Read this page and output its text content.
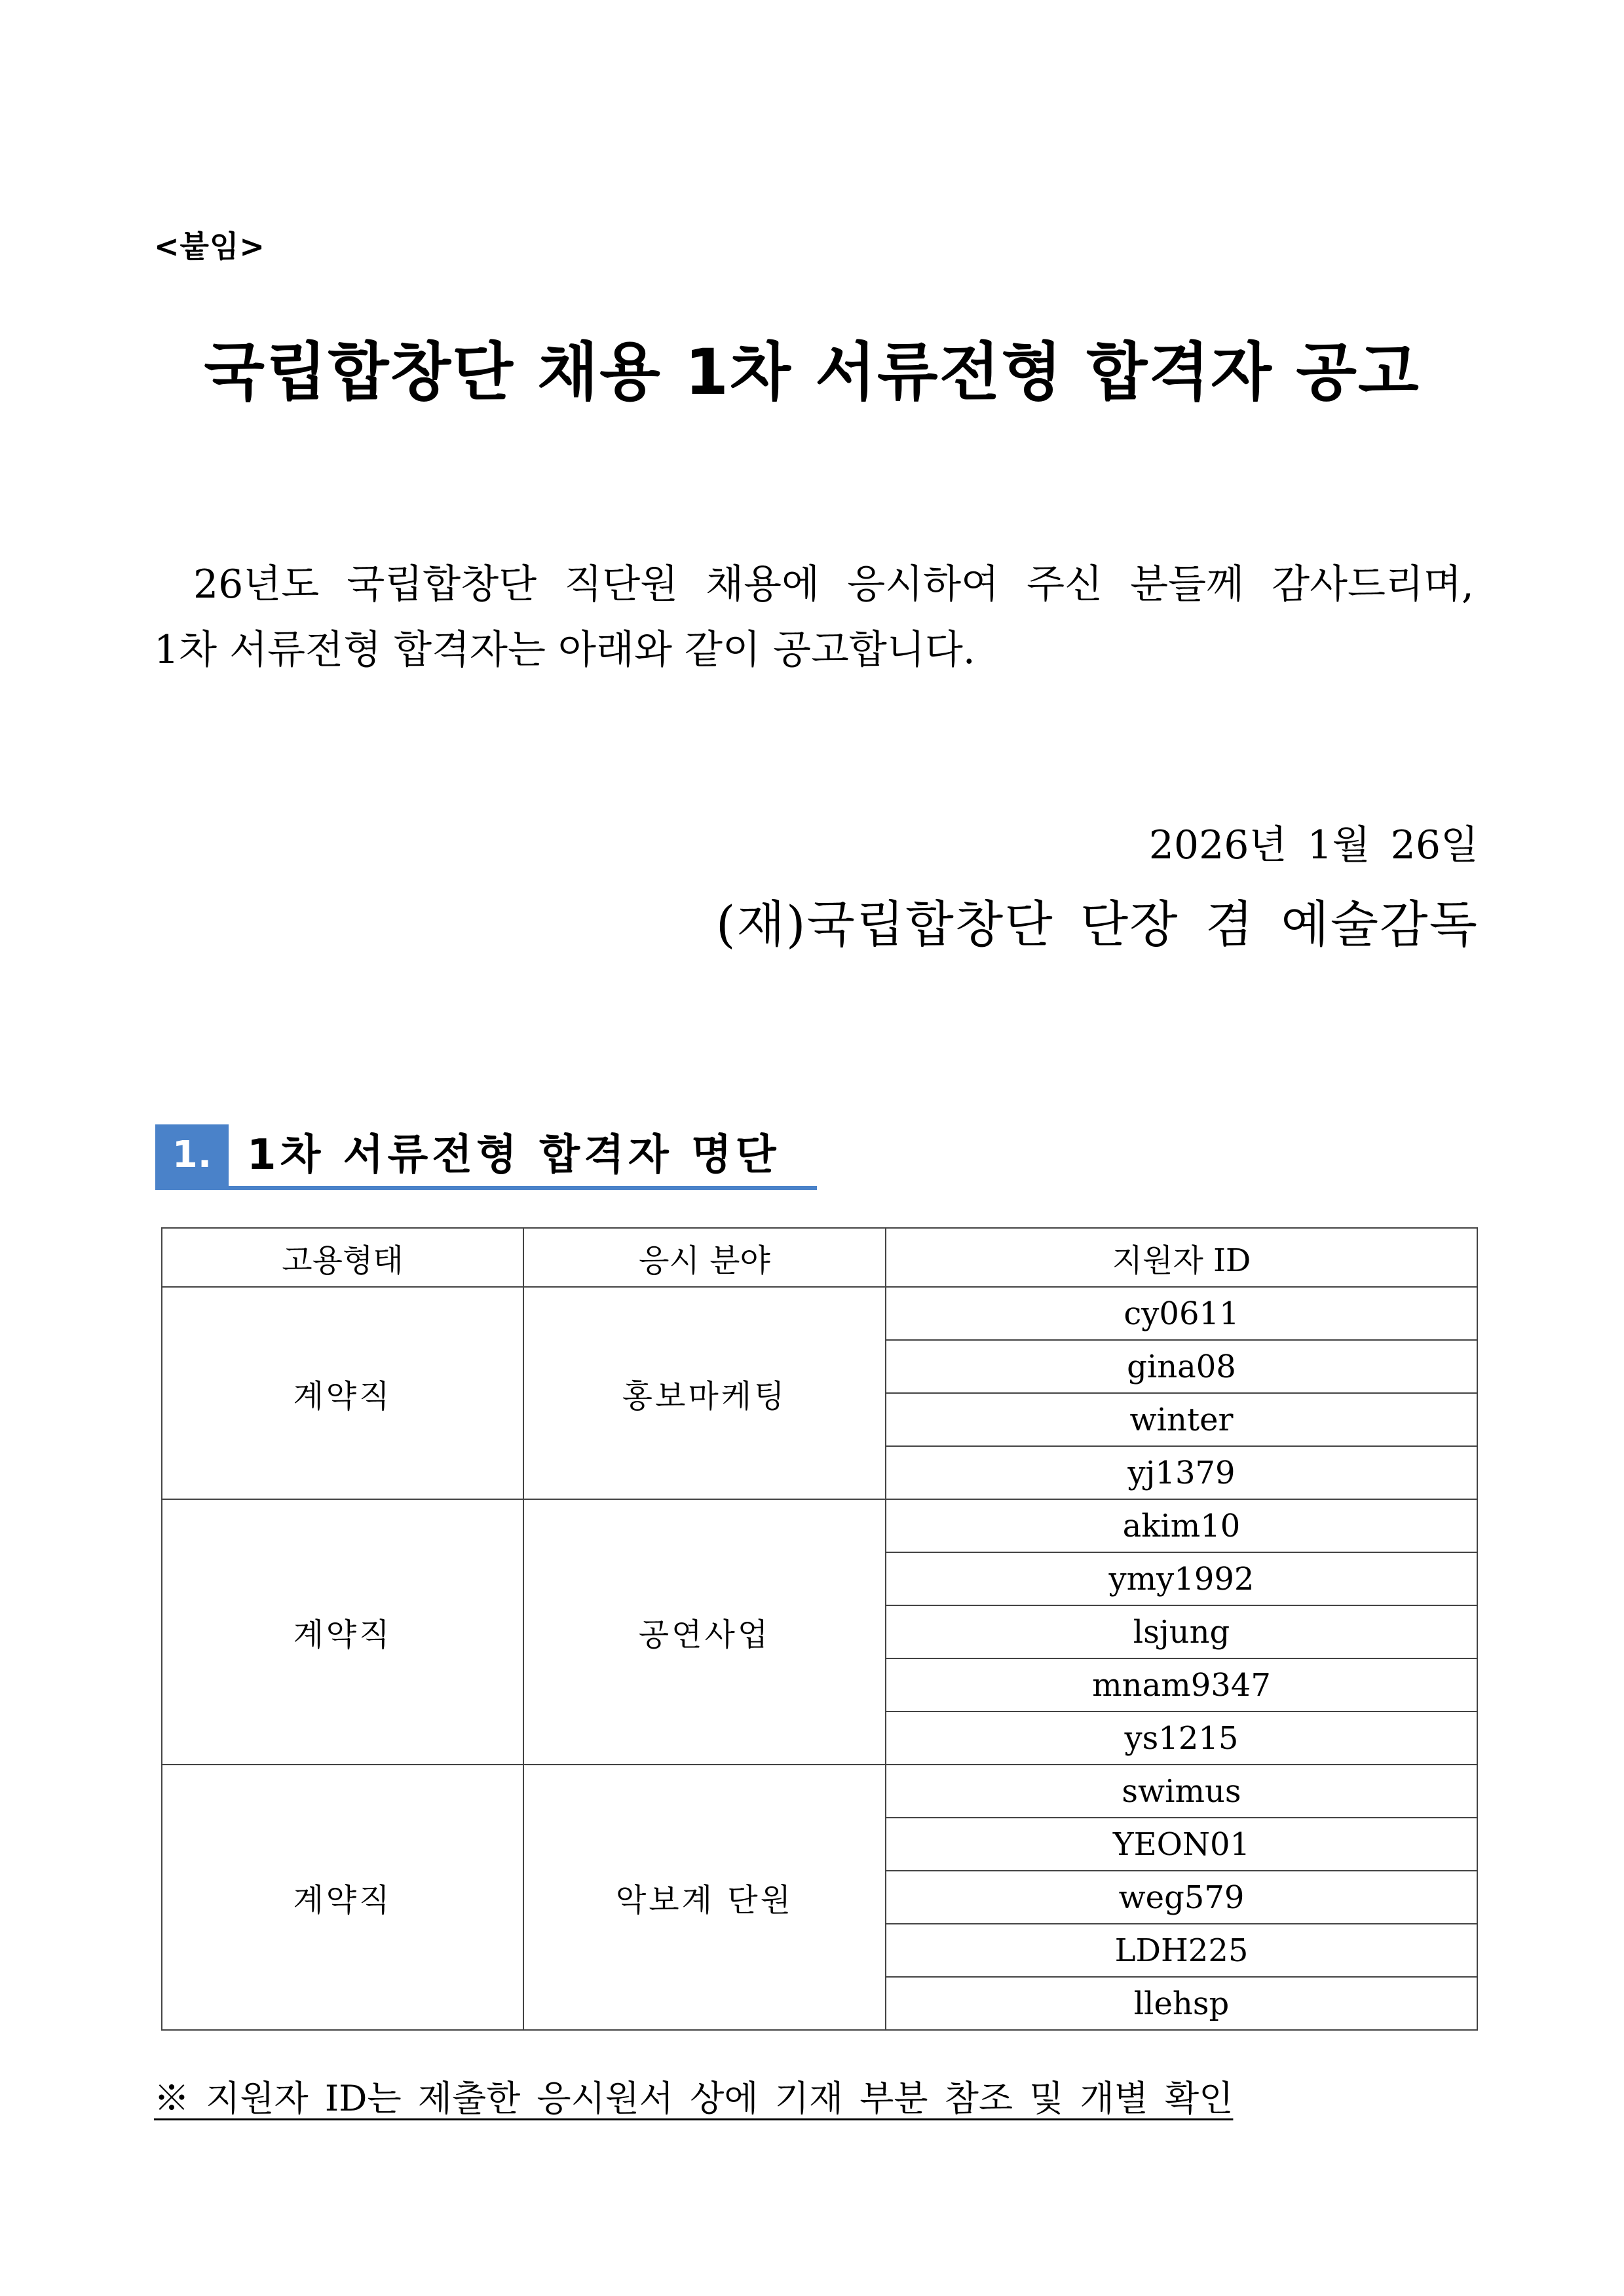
<붙임>
국립합창단 채용 1차 서류전형 합격자 공고

26년도 국립합창단 직단원 채용에 응시하여 주신 분들께 감사드리며,

1차 서류전형 합격자는 아래와 같이 공고합니다.

2026년 1월 26일
(재)국립합창단 단장 겸 예술감독
1. 1차 서류전형 합격자 명단
고용형태	응시 분야	지원자 ID
계약직	홍보마케팅	cy0611
		gina08
		winter
		yj1379
계약직	공연사업	akim10
		ymy1992
		lsjung
		mnam9347
		ys1215
계약직	악보계 단원	swimus
		YEON01
		weg579
		LDH225
		llehsp
※ 지원자 ID는 제출한 응시원서 상에 기재 부분 참조 및 개별 확인
